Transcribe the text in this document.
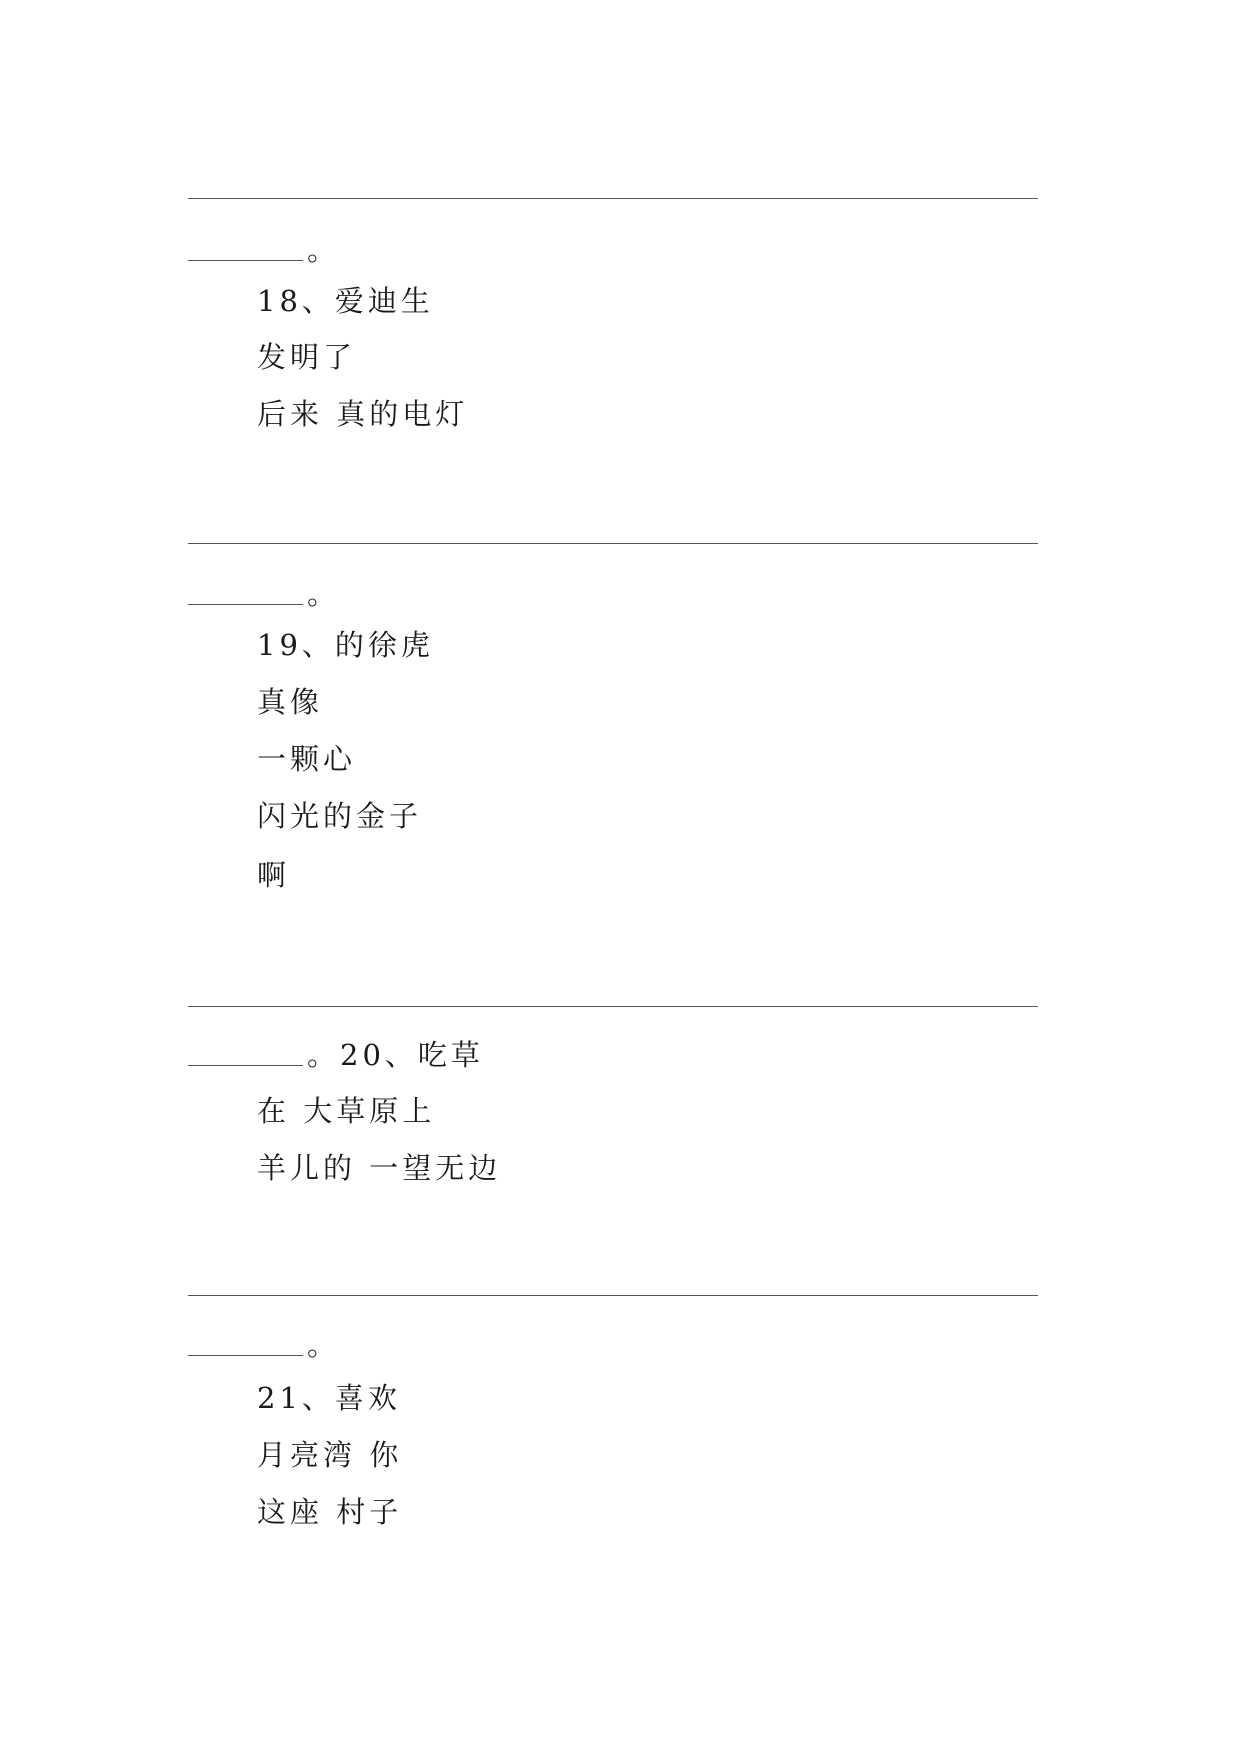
。
18、爱迪生
发明了
后来 真的电灯
。
19、的徐虎
真像
一颗心
闪光的金子
啊
。 20、吃草
在 大草原上
羊儿的 一望无边
。
21、喜欢
月亮湾 你
这座 村子
